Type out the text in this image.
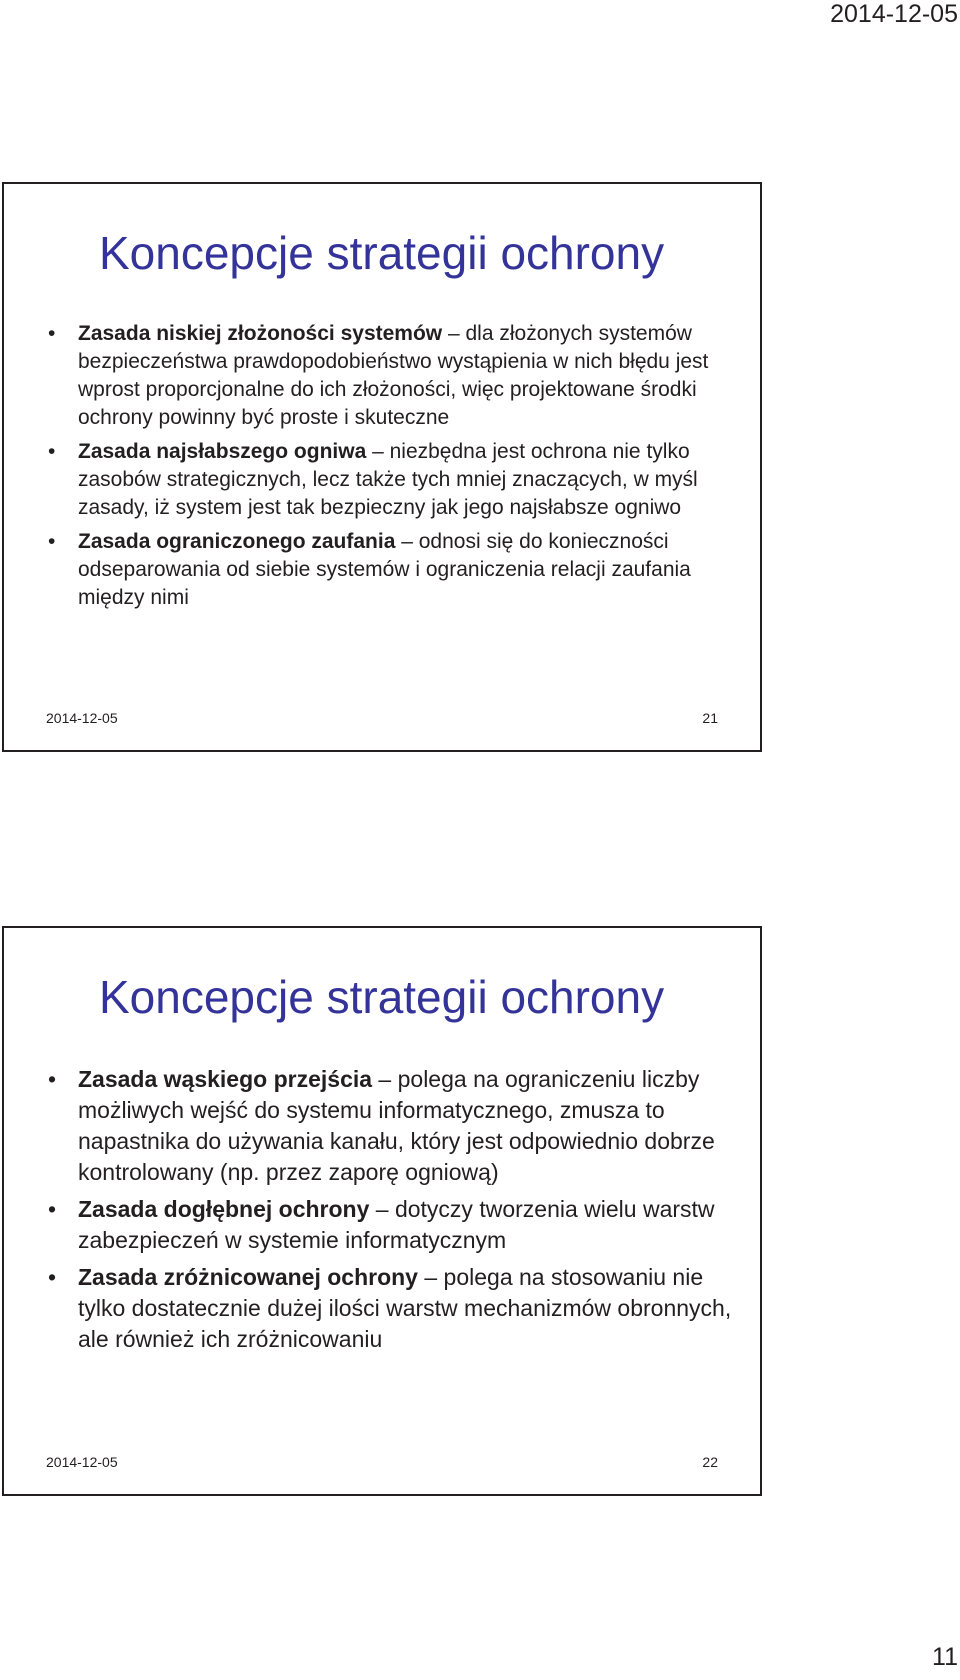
2014-12-05
Koncepcje strategii ochrony
• Zasada niskiej złożoności systemów – dla złożonych systemów bezpieczeństwa prawdopodobieństwo wystąpienia w nich błędu jest wprost proporcjonalne do ich złożoności, więc projektowane środki ochrony powinny być proste i skuteczne
• Zasada najsłabszego ogniwa – niezbędna jest ochrona nie tylko zasobów strategicznych, lecz także tych mniej znaczących, w myśl zasady, iż system jest tak bezpieczny jak jego najsłabsze ogniwo
• Zasada ograniczonego zaufania – odnosi się do konieczności odseparowania od siebie systemów i ograniczenia relacji zaufania między nimi
2014-12-05	21
Koncepcje strategii ochrony
• Zasada wąskiego przejścia – polega na ograniczeniu liczby możliwych wejść do systemu informatycznego, zmusza to napastnika do używania kanału, który jest odpowiednio dobrze kontrolowany (np. przez zaporę ogniową)
• Zasada dogłębnej ochrony – dotyczy tworzenia wielu warstw zabezpieczeń w systemie informatycznym
• Zasada zróżnicowanej ochrony – polega na stosowaniu nie tylko dostatecznie dużej ilości warstw mechanizmów obronnych, ale również ich zróżnicowaniu
2014-12-05	22
11
